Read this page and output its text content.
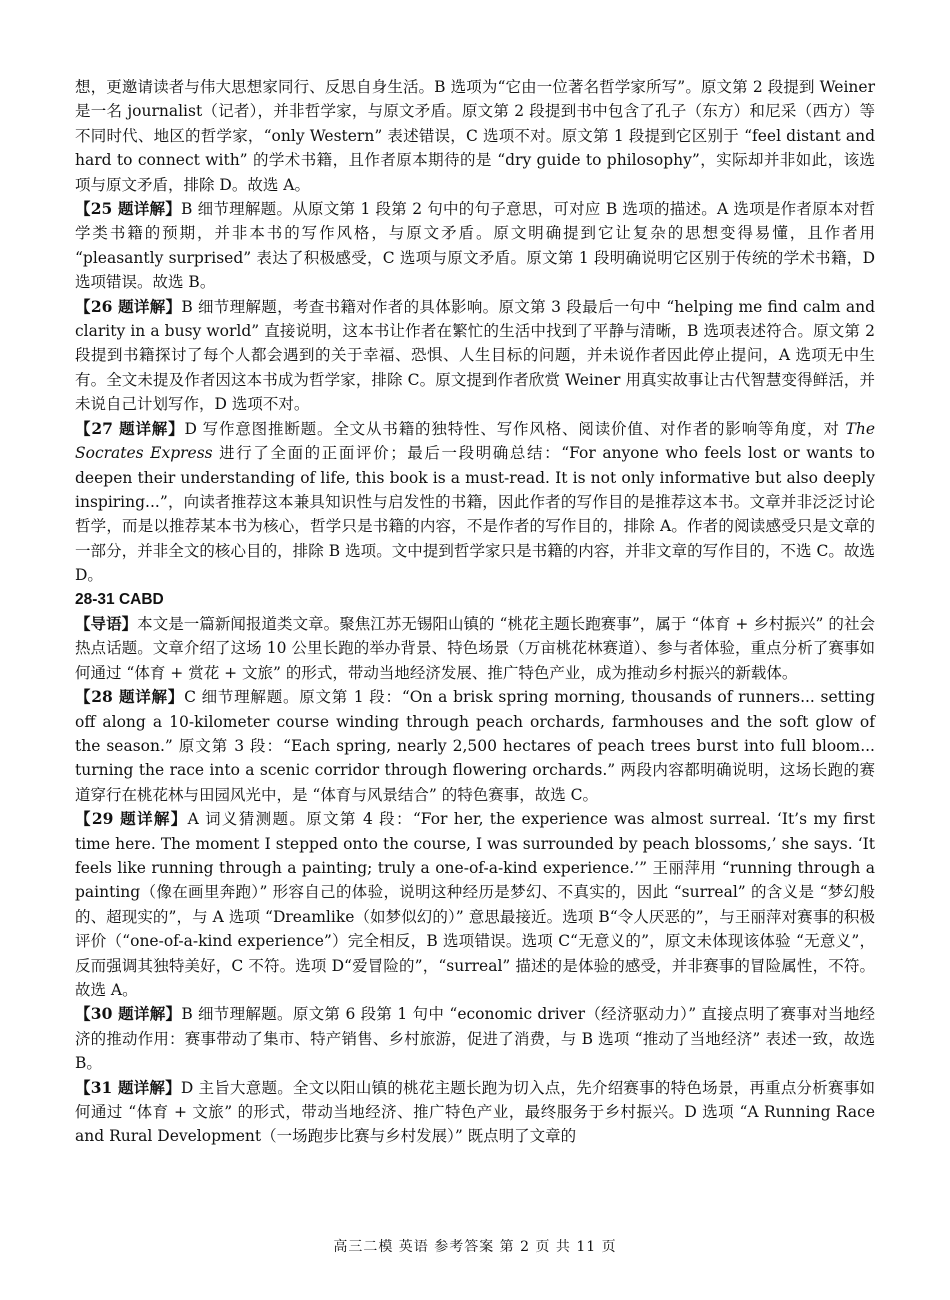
想，更邀请读者与伟大思想家同行、反思自身生活。B 选项为“它由一位著名哲学家所写”。原文第 2 段提到 Weiner 是一名 journalist（记者），并非哲学家，与原文矛盾。原文第 2 段提到书中包含了孔子（东方）和尼采（西方）等不同时代、地区的哲学家，“only Western” 表述错误，C 选项不对。原文第 1 段提到它区别于 “feel distant and hard to connect with” 的学术书籍，且作者原本期待的是 “dry guide to philosophy”，实际却并非如此，该选项与原文矛盾，排除 D。故选 A。

【25 题详解】B 细节理解题。从原文第 1 段第 2 句中的句子意思，可对应 B 选项的描述。A 选项是作者原本对哲学类书籍的预期，并非本书的写作风格，与原文矛盾。原文明确提到它让复杂的思想变得易懂，且作者用 “pleasantly surprised” 表达了积极感受，C 选项与原文矛盾。原文第 1 段明确说明它区别于传统的学术书籍，D 选项错误。故选 B。

【26 题详解】B 细节理解题，考查书籍对作者的具体影响。原文第 3 段最后一句中 “helping me find calm and clarity in a busy world” 直接说明，这本书让作者在繁忙的生活中找到了平静与清晰，B 选项表述符合。原文第 2 段提到书籍探讨了每个人都会遇到的关于幸福、恐惧、人生目标的问题，并未说作者因此停止提问，A 选项无中生有。全文未提及作者因这本书成为哲学家，排除 C。原文提到作者欣赏 Weiner 用真实故事让古代智慧变得鲜活，并未说自己计划写作，D 选项不对。

【27 题详解】D 写作意图推断题。全文从书籍的独特性、写作风格、阅读价值、对作者的影响等角度，对 The Socrates Express 进行了全面的正面评价；最后一段明确总结：“For anyone who feels lost or wants to deepen their understanding of life, this book is a must-read. It is not only informative but also deeply inspiring...”，向读者推荐这本兼具知识性与启发性的书籍，因此作者的写作目的是推荐这本书。文章并非泛泛讨论哲学，而是以推荐某本书为核心，哲学只是书籍的内容，不是作者的写作目的，排除 A。作者的阅读感受只是文章的一部分，并非全文的核心目的，排除 B 选项。文中提到哲学家只是书籍的内容，并非文章的写作目的，不选 C。故选 D。

28-31 CABD

【导语】本文是一篇新闻报道类文章。聚焦江苏无锡阳山镇的 “桃花主题长跑赛事”，属于 “体育 + 乡村振兴” 的社会热点话题。文章介绍了这场 10 公里长跑的举办背景、特色场景（万亩桃花林赛道）、参与者体验，重点分析了赛事如何通过 “体育 + 赏花 + 文旅” 的形式，带动当地经济发展、推广特色产业，成为推动乡村振兴的新载体。

【28 题详解】C 细节理解题。原文第 1 段：“On a brisk spring morning, thousands of runners... setting off along a 10-kilometer course winding through peach orchards, farmhouses and the soft glow of the season.” 原文第 3 段：“Each spring, nearly 2,500 hectares of peach trees burst into full bloom... turning the race into a scenic corridor through flowering orchards.” 两段内容都明确说明，这场长跑的赛道穿行在桃花林与田园风光中，是 “体育与风景结合” 的特色赛事，故选 C。

【29 题详解】A 词义猜测题。原文第 4 段：“For her, the experience was almost surreal. ‘It’s my first time here. The moment I stepped onto the course, I was surrounded by peach blossoms,’ she says. ‘It feels like running through a painting; truly a one-of-a-kind experience.’” 王丽萍用 “running through a painting（像在画里奔跑）” 形容自己的体验，说明这种经历是梦幻、不真实的，因此 “surreal” 的含义是 “梦幻般的、超现实的”，与 A 选项 “Dreamlike（如梦似幻的）” 意思最接近。选项 B“令人厌恶的”，与王丽萍对赛事的积极评价（“one-of-a-kind experience”）完全相反，B 选项错误。选项 C“无意义的”，原文未体现该体验 “无意义”，反而强调其独特美好，C 不符。选项 D“爱冒险的”，“surreal” 描述的是体验的感受，并非赛事的冒险属性，不符。故选 A。

【30 题详解】B 细节理解题。原文第 6 段第 1 句中 “economic driver（经济驱动力）” 直接点明了赛事对当地经济的推动作用：赛事带动了集市、特产销售、乡村旅游，促进了消费，与 B 选项 “推动了当地经济” 表述一致，故选 B。

【31 题详解】D 主旨大意题。全文以阳山镇的桃花主题长跑为切入点，先介绍赛事的特色场景，再重点分析赛事如何通过 “体育 + 文旅” 的形式，带动当地经济、推广特色产业，最终服务于乡村振兴。D 选项 “A Running Race and Rural Development（一场跑步比赛与乡村发展）” 既点明了文章的

高三二模 英语 参考答案 第 2 页 共 11 页
